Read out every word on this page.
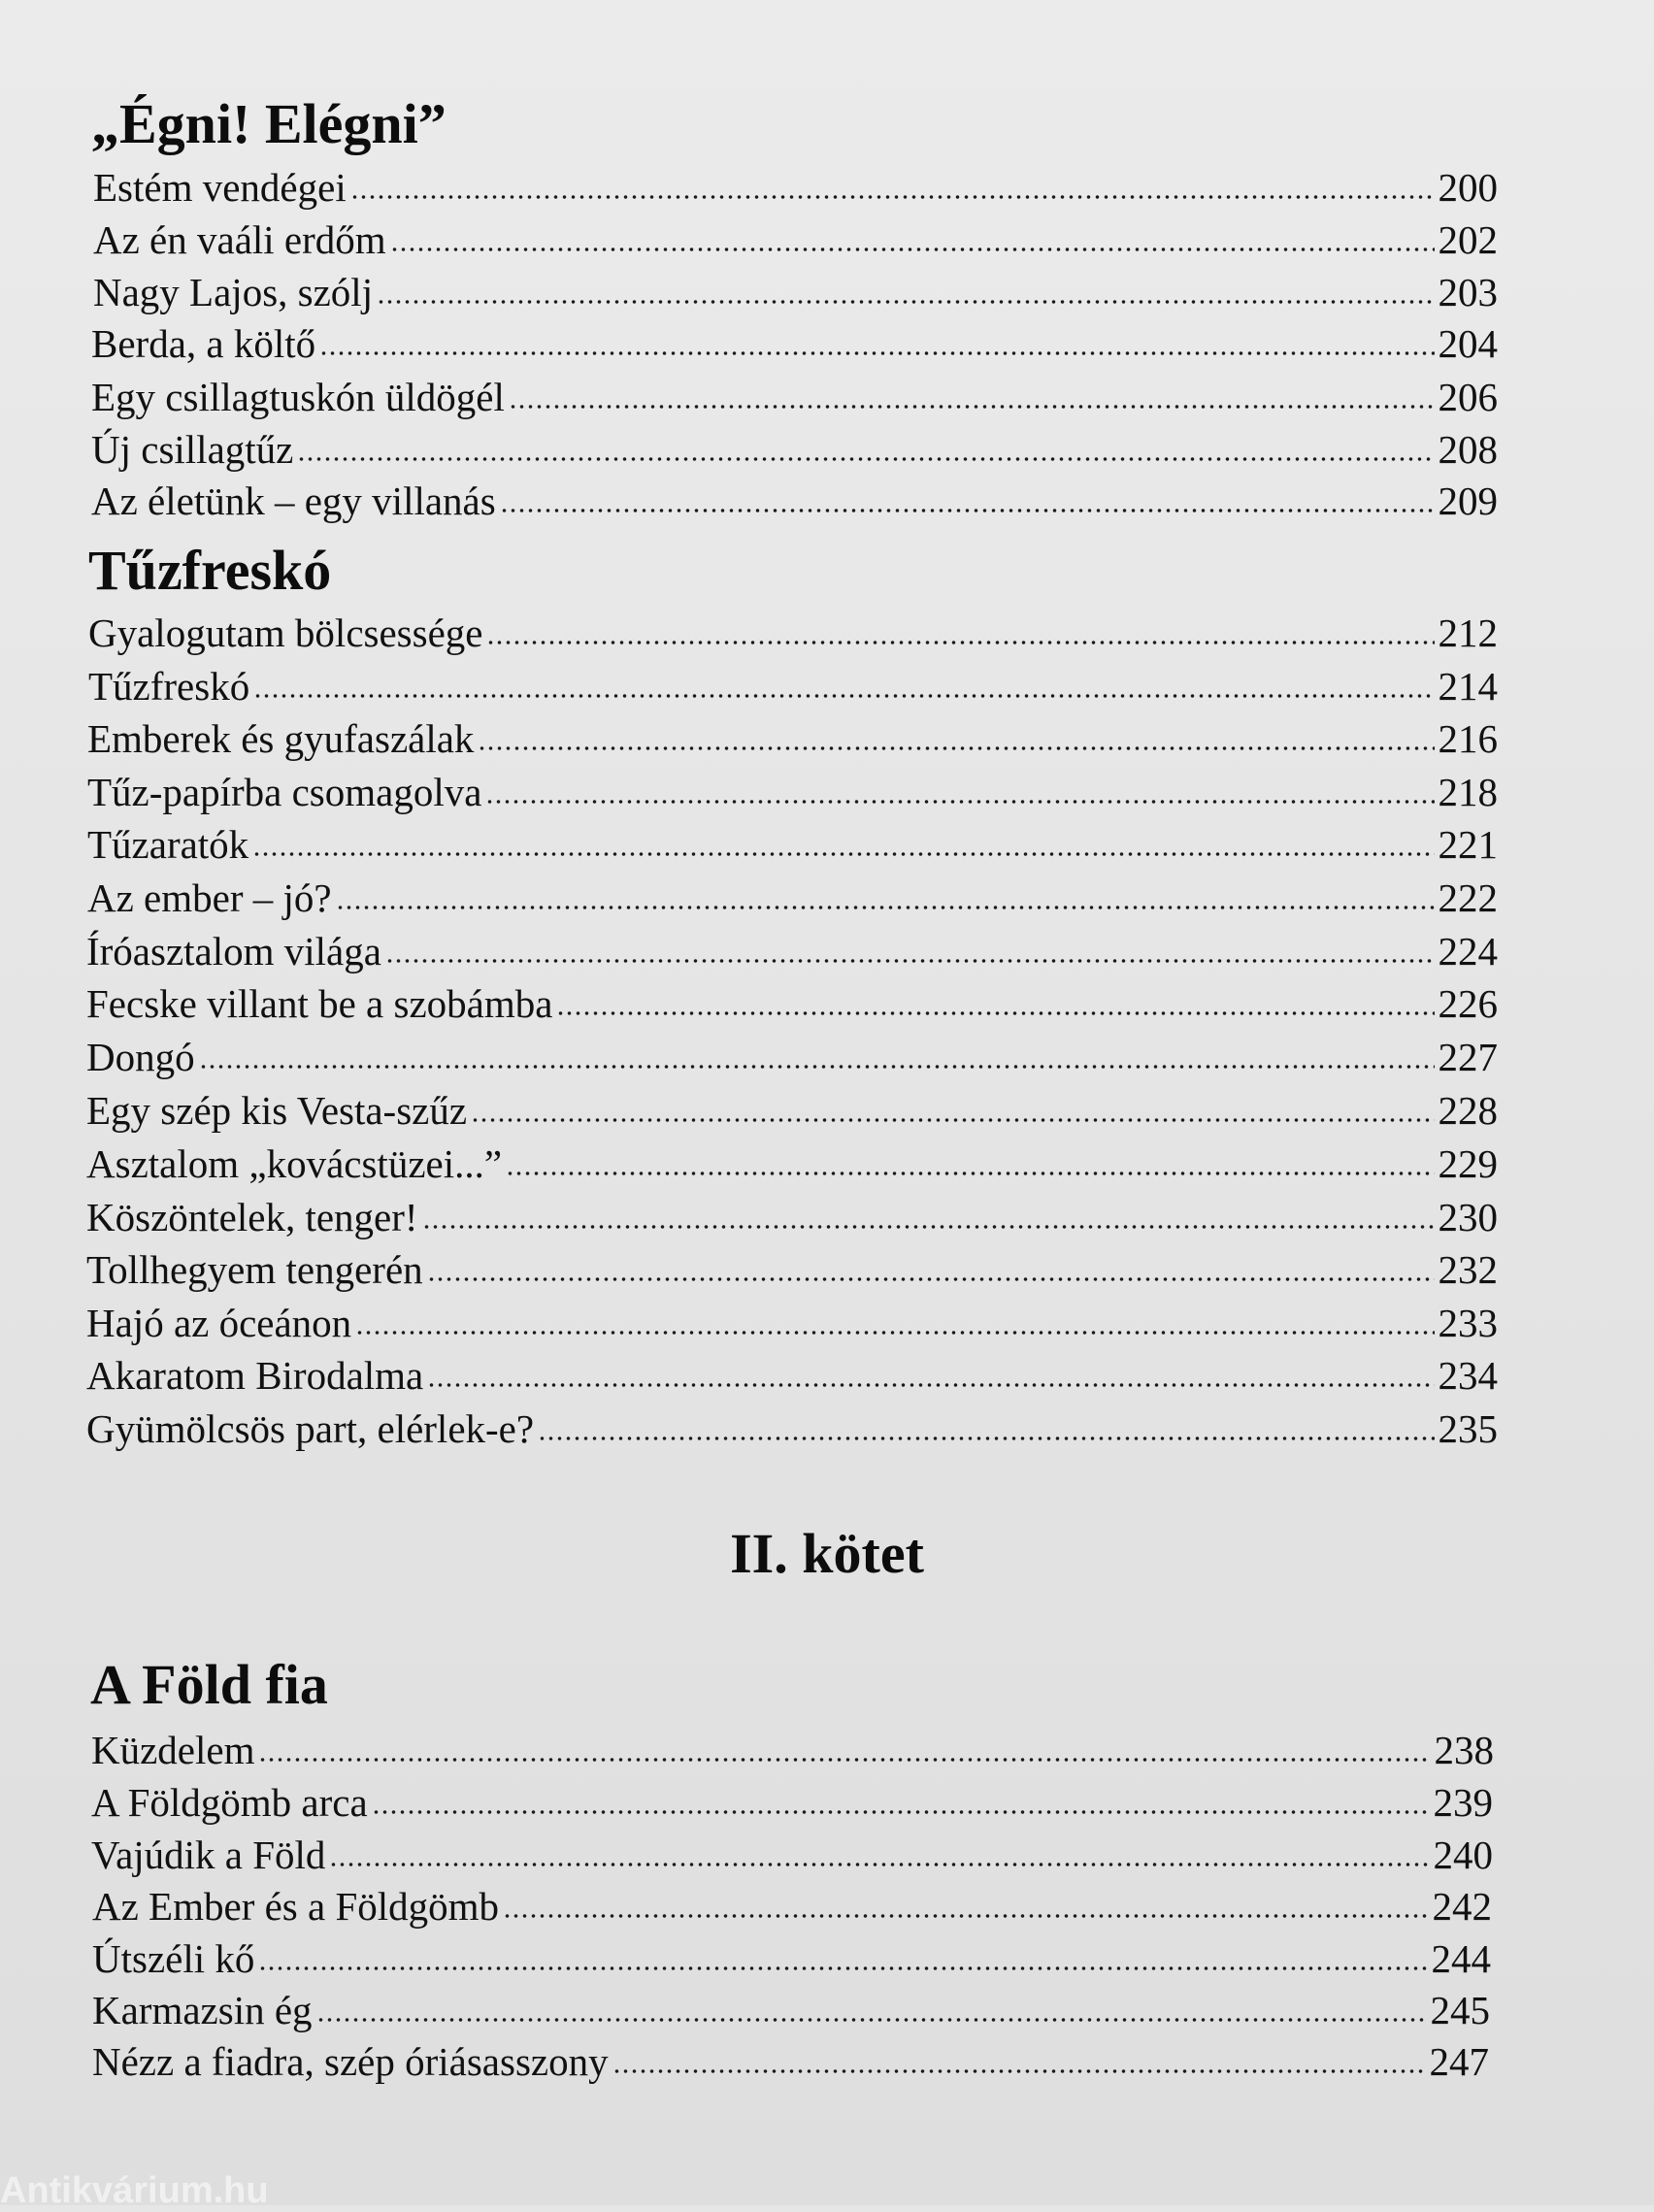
„Égni! Elégni”
Estém vendégei	200
Az én vaáli erdőm	202
Nagy Lajos, szólj	203
Berda, a költő	204
Egy csillagtuskón üldögél	206
Új csillagtűz	208
Az életünk – egy villanás	209
Tűzfreskó
Gyalogutam bölcsessége	212
Tűzfreskó	214
Emberek és gyufaszálak	216
Tűz-papírba csomagolva	218
Tűzaratók	221
Az ember – jó?	222
Íróasztalom világa	224
Fecske villant be a szobámba	226
Dongó	227
Egy szép kis Vesta-szűz	228
Asztalom „kovácstüzei...”	229
Köszöntelek, tenger!	230
Tollhegyem tengerén	232
Hajó az óceánon	233
Akaratom Birodalma	234
Gyümölcsös part, elérlek-e?	235
II. kötet
A Föld fia
Küzdelem	238
A Földgömb arca	239
Vajúdik a Föld	240
Az Ember és a Földgömb	242
Útszéli kő	244
Karmazsin ég	245
Nézz a fiadra, szép óriásasszony	247
Antikvárium.hu
